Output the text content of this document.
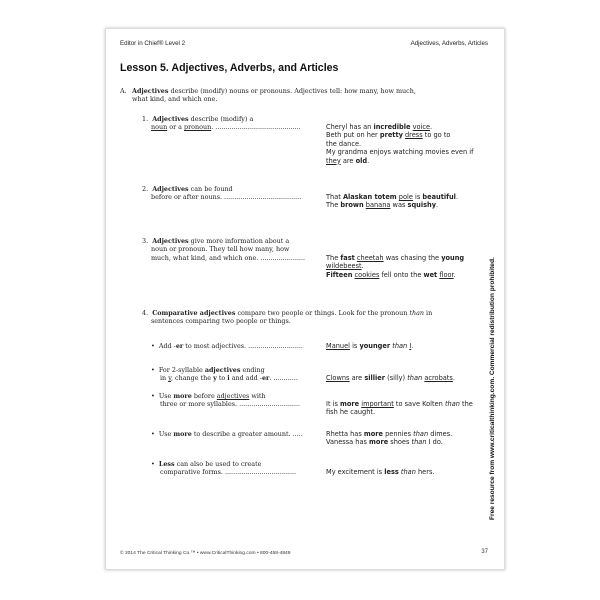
Editor in Chief® Level 2	Adjectives, Adverbs, Articles
Lesson 5. Adjectives, Adverbs, and Articles
A. Adjectives describe (modify) nouns or pronouns. Adjectives tell: how many, how much,
what kind, and which one.
1. Adjectives describe (modify) a
noun or a pronoun. ..........................................	Cheryl has an incredible voice.
Beth put on her pretty dress to go to
the dance.
My grandma enjoys watching movies even if
they are old.
2. Adjectives can be found
before or after nouns. ......................................	That Alaskan totem pole is beautiful.
The brown banana was squishy.
3. Adjectives give more information about a
noun or pronoun. They tell how many, how
much, what kind, and which one. ......................	The fast cheetah was chasing the young
wildebeest.
Fifteen cookies fell onto the wet floor.
4. Comparative adjectives compare two people or things. Look for the pronoun than in
sentences comparing two people or things.
•  Add -er to most adjectives. ...........................	Manuel is younger than I.
•  For 2-syllable adjectives ending
in y, change the y to i and add -er. ............	Clowns are sillier (silly) than acrobats.
•  Use more before adjectives with
three or more syllables. ..............................	It is more important to save Kolten than the
fish he caught.
•  Use more to describe a greater amount. .....	Rhetta has more pennies than dimes.
Vanessa has more shoes than I do.
•  Less can also be used to create
comparative forms. ...................................	My excitement is less than hers.
© 2014 The Critical Thinking Co.™ • www.CriticalThinking.com • 800-458-4849	37
Free resource from www.criticalthinking.com. Commercial redistribution prohibited.
